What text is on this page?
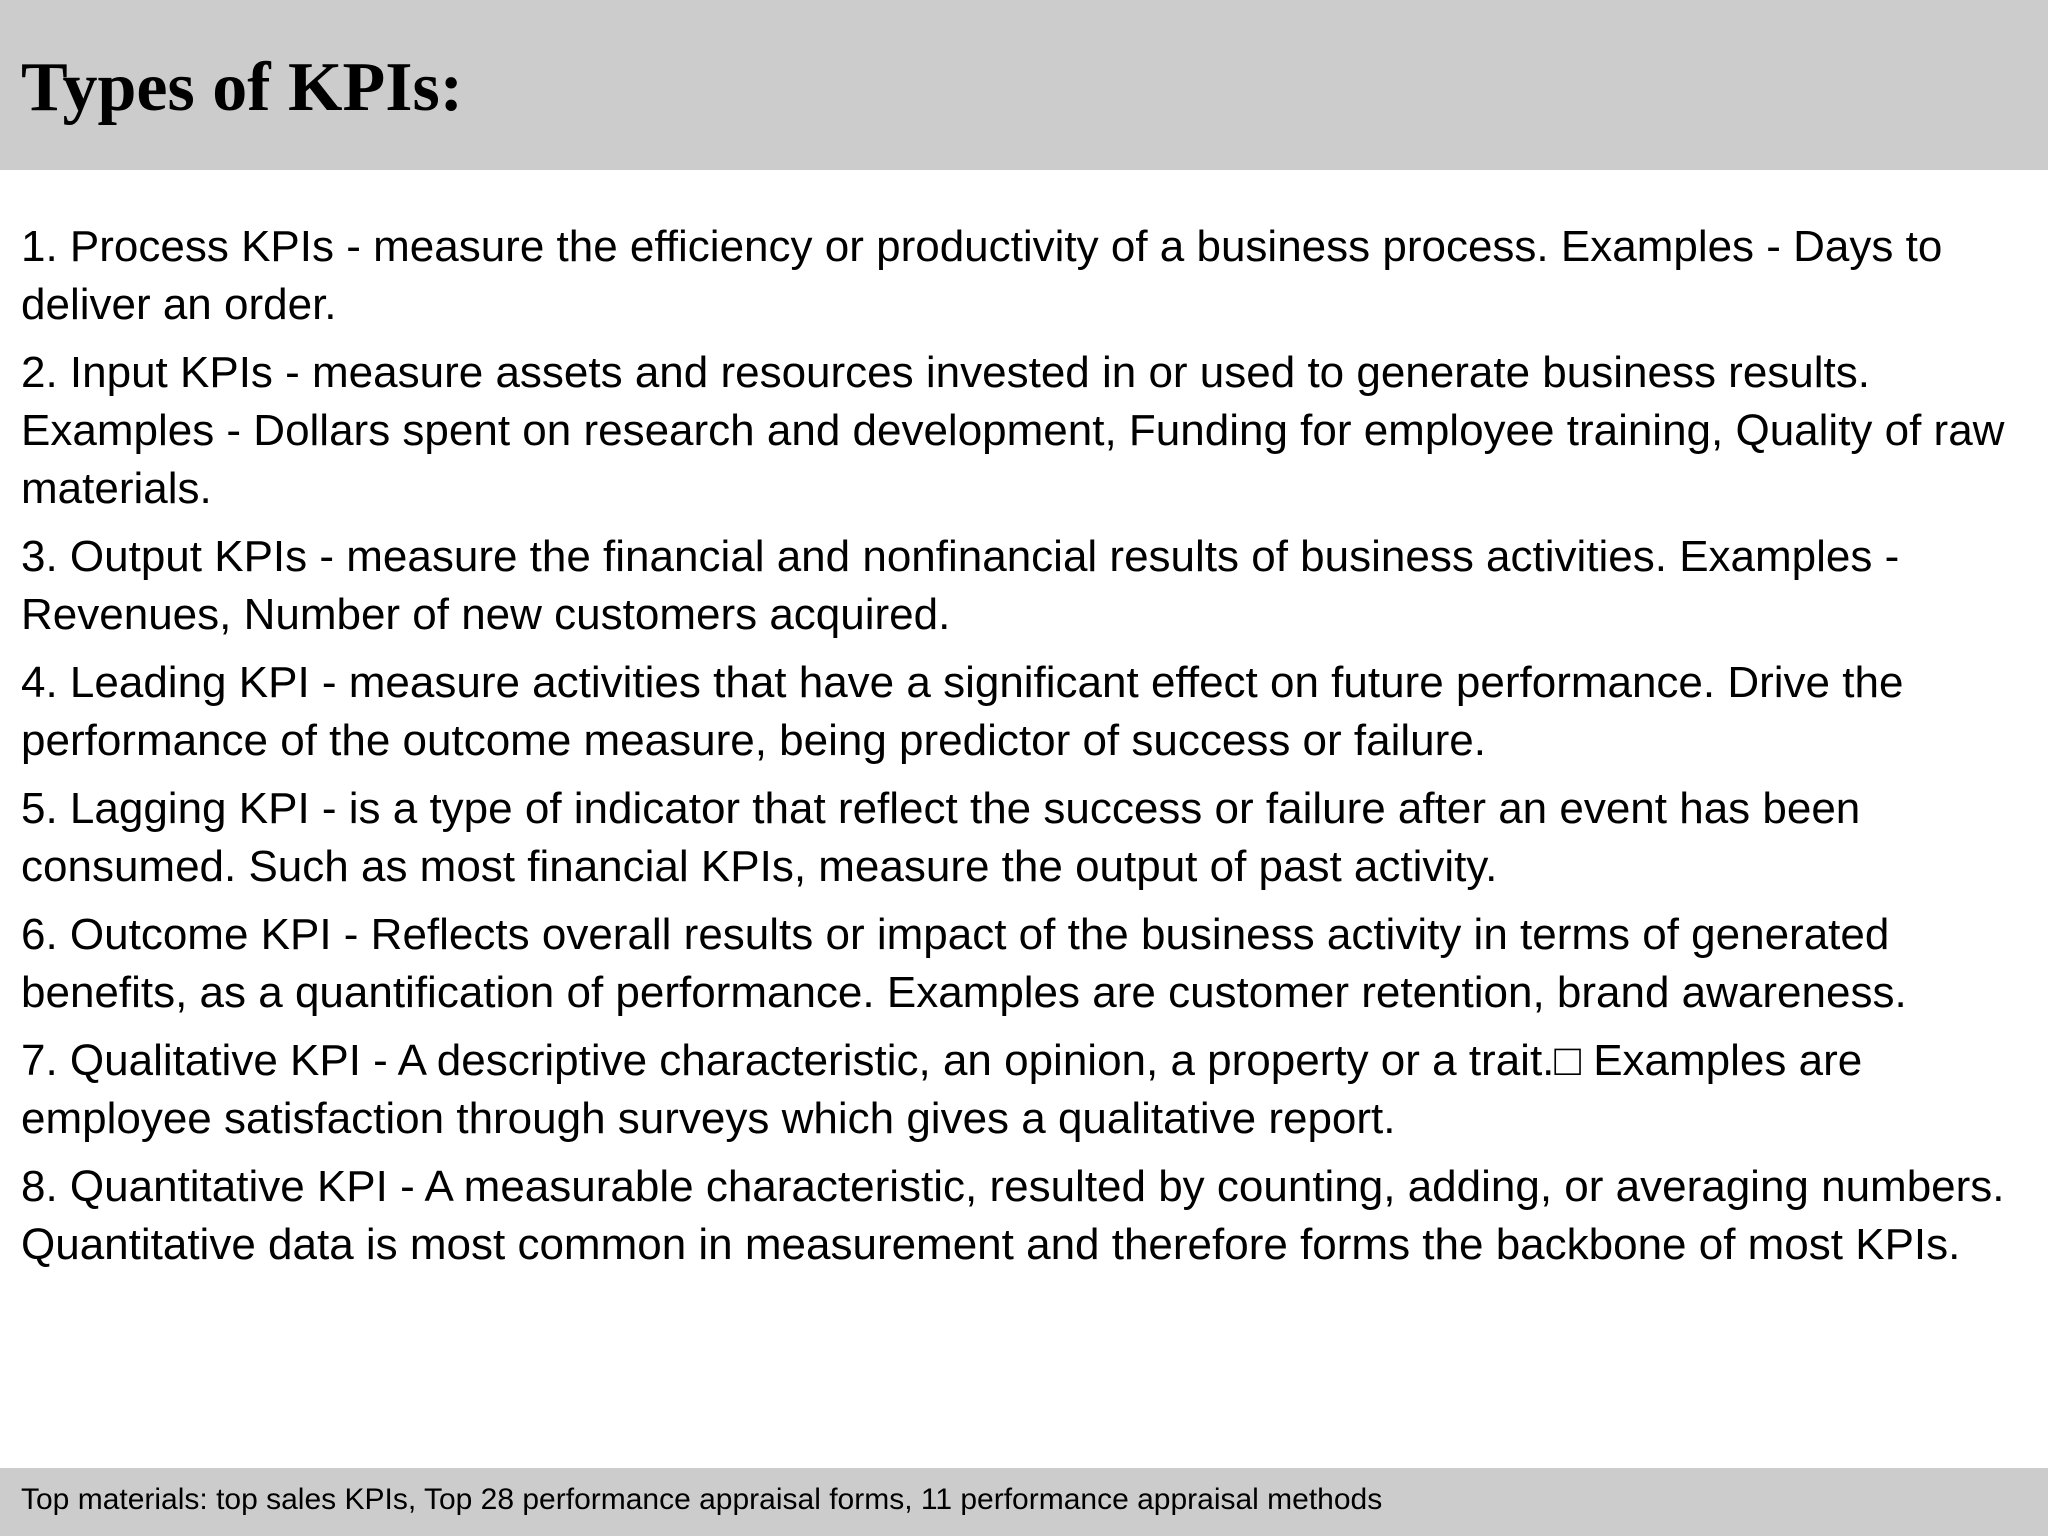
Types of KPIs:

1. Process KPIs - measure the efficiency or productivity of a business process. Examples - Days to deliver an order.

2. Input KPIs - measure assets and resources invested in or used to generate business results. Examples - Dollars spent on research and development, Funding for employee training, Quality of raw materials.

3. Output KPIs - measure the financial and nonfinancial results of business activities. Examples - Revenues, Number of new customers acquired.

4. Leading KPI - measure activities that have a significant effect on future performance. Drive the performance of the outcome measure, being predictor of success or failure.

5. Lagging KPI - is a type of indicator that reflect the success or failure after an event has been consumed. Such as most financial KPIs, measure the output of past activity.

6. Outcome KPI - Reflects overall results or impact of the business activity in terms of generated benefits, as a quantification of performance. Examples are customer retention, brand awareness.

7. Qualitative KPI - A descriptive characteristic, an opinion, a property or a trait.□ Examples are employee satisfaction through surveys which gives a qualitative report.

8. Quantitative KPI - A measurable characteristic, resulted by counting, adding, or averaging numbers. Quantitative data is most common in measurement and therefore forms the backbone of most KPIs.

Top materials: top sales KPIs, Top 28 performance appraisal forms, 11 performance appraisal methods
